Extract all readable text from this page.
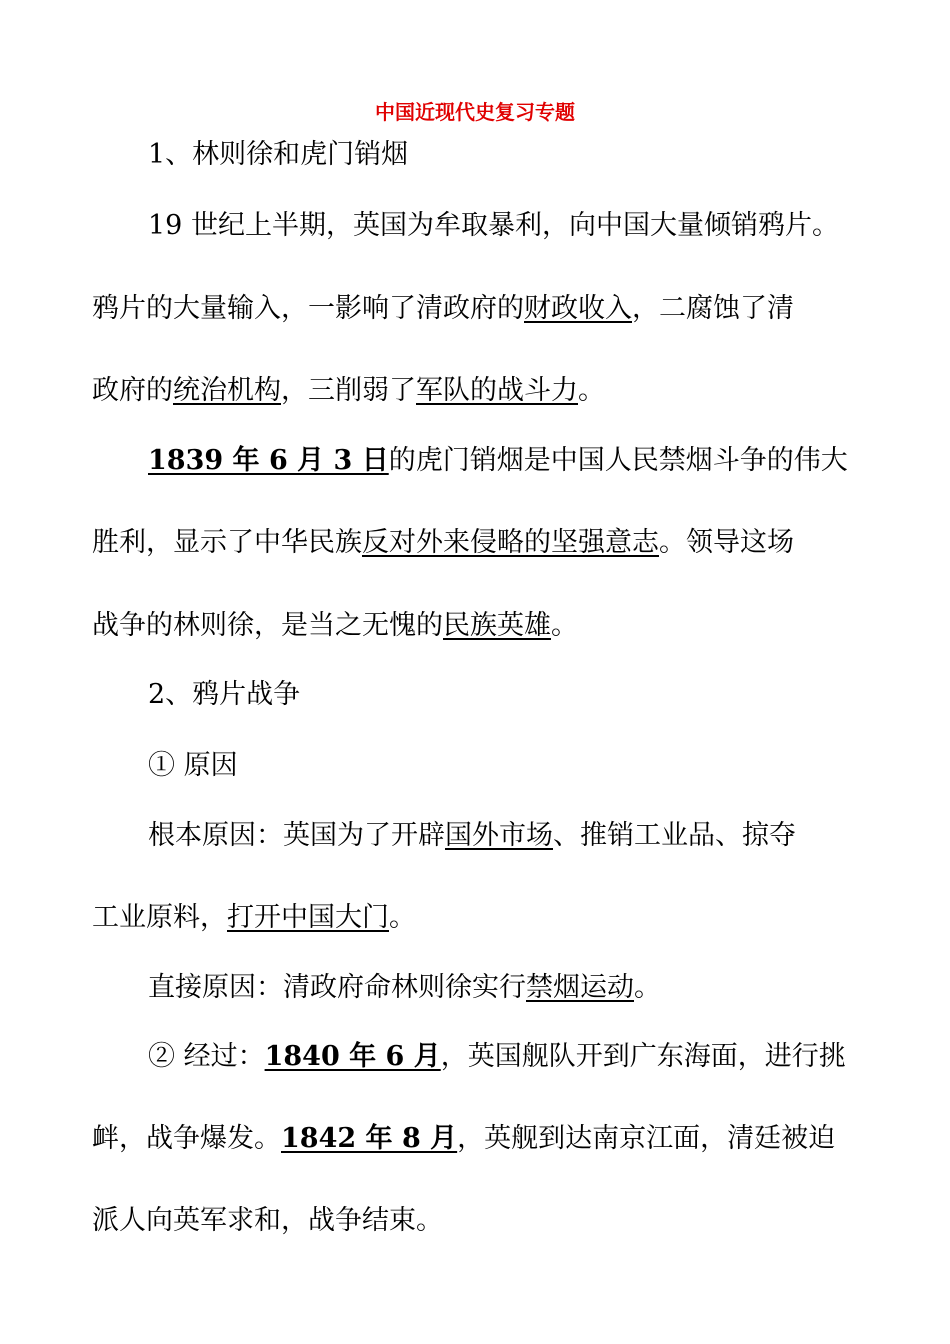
中国近现代史复习专题
1、林则徐和虎门销烟
19 世纪上半期，英国为牟取暴利，向中国大量倾销鸦片。
鸦片的大量输入，一影响了清政府的财政收入，二腐蚀了清
政府的统治机构，三削弱了军队的战斗力。
1839 年 6 月 3 日的虎门销烟是中国人民禁烟斗争的伟大
胜利，显示了中华民族反对外来侵略的坚强意志。领导这场
战争的林则徐，是当之无愧的民族英雄。
2、鸦片战争
① 原因
根本原因：英国为了开辟国外市场、推销工业品、掠夺
工业原料，打开中国大门。
直接原因：清政府命林则徐实行禁烟运动。
② 经过：1840 年 6 月，英国舰队开到广东海面，进行挑
衅，战争爆发。1842 年 8 月，英舰到达南京江面，清廷被迫
派人向英军求和，战争结束。
